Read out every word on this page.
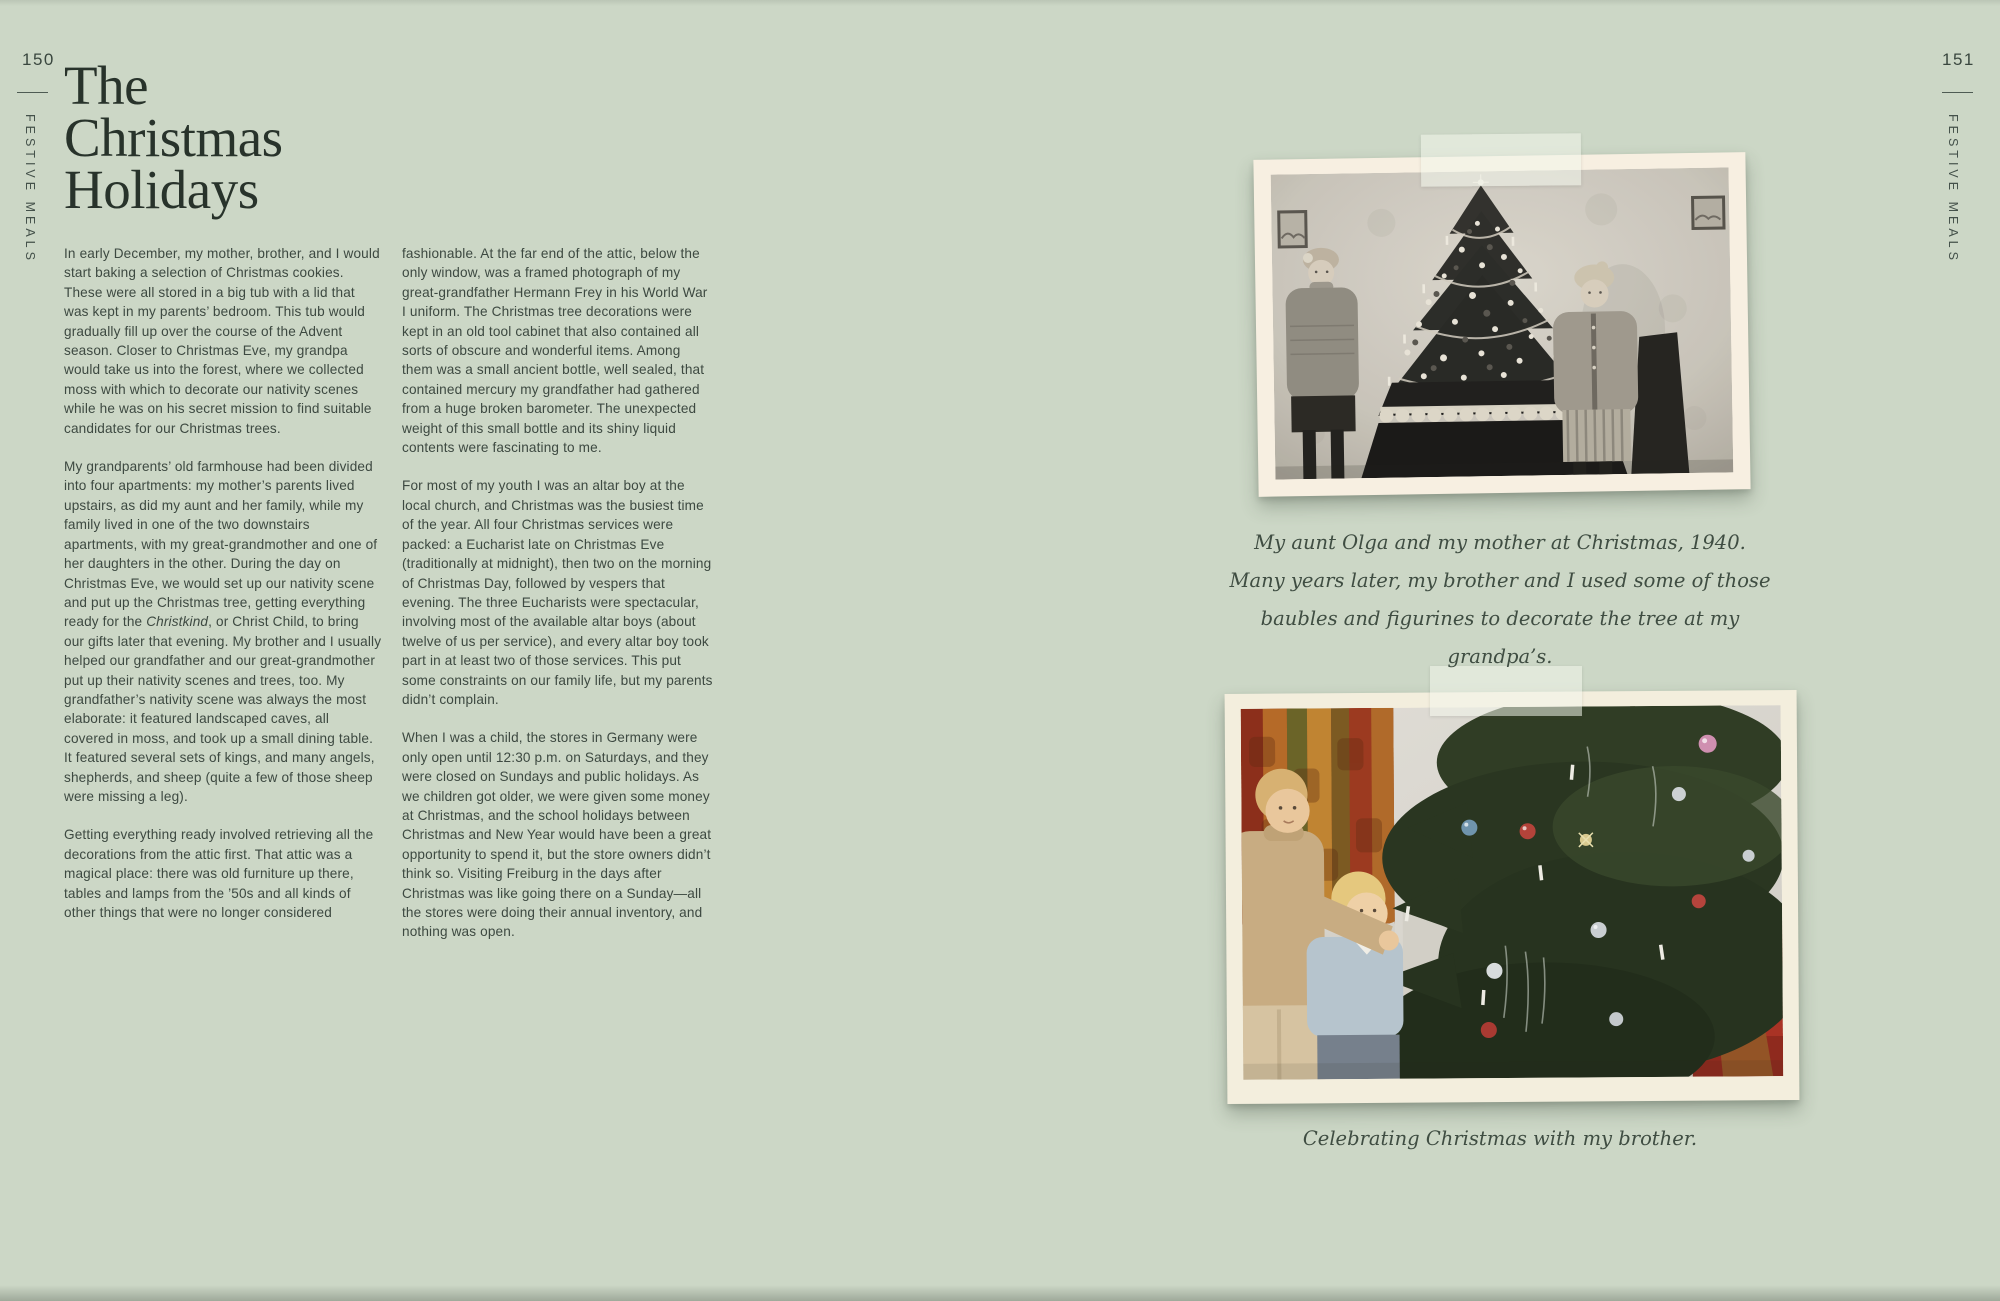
150
FESTIVE MEALS
The
Christmas
Holidays

In early December, my mother, brother, and I would start baking a selection of Christmas cookies. These were all stored in a big tub with a lid that was kept in my parents’ bedroom. This tub would gradually fill up over the course of the Advent season. Closer to Christmas Eve, my grandpa would take us into the forest, where we collected moss with which to decorate our nativity scenes while he was on his secret mission to find suitable candidates for our Christmas trees.

My grandparents’ old farmhouse had been divided into four apartments: my mother’s parents lived upstairs, as did my aunt and her family, while my family lived in one of the two downstairs apartments, with my great-grandmother and one of her daughters in the other. During the day on Christmas Eve, we would set up our nativity scene and put up the Christmas tree, getting everything ready for the Christkind, or Christ Child, to bring our gifts later that evening. My brother and I usually helped our grandfather and our great-grandmother put up their nativity scenes and trees, too. My grandfather’s nativity scene was always the most elaborate: it featured landscaped caves, all covered in moss, and took up a small dining table. It featured several sets of kings, and many angels, shepherds, and sheep (quite a few of those sheep were missing a leg).

Getting everything ready involved retrieving all the decorations from the attic first. That attic was a magical place: there was old furniture up there, tables and lamps from the ’50s and all kinds of other things that were no longer considered

fashionable. At the far end of the attic, below the only window, was a framed photograph of my great-grandfather Hermann Frey in his World War I uniform. The Christmas tree decorations were kept in an old tool cabinet that also contained all sorts of obscure and wonderful items. Among them was a small ancient bottle, well sealed, that contained mercury my grandfather had gathered from a huge broken barometer. The unexpected weight of this small bottle and its shiny liquid contents were fascinating to me.

For most of my youth I was an altar boy at the local church, and Christmas was the busiest time of the year. All four Christmas services were packed: a Eucharist late on Christmas Eve (traditionally at midnight), then two on the morning of Christmas Day, followed by vespers that evening. The three Eucharists were spectacular, involving most of the available altar boys (about twelve of us per service), and every altar boy took part in at least two of those services. This put some constraints on our family life, but my parents didn’t complain.

When I was a child, the stores in Germany were only open until 12:30 p.m. on Saturdays, and they were closed on Sundays and public holidays. As we children got older, we were given some money at Christmas, and the school holidays between Christmas and New Year would have been a great opportunity to spend it, but the store owners didn’t think so. Visiting Freiburg in the days after Christmas was like going there on a Sunday—all the stores were doing their annual inventory, and nothing was open.

151
FESTIVE MEALS
My aunt Olga and my mother at Christmas, 1940.
Many years later, my brother and I used some of those
baubles and figurines to decorate the tree at my grandpa’s.
Celebrating Christmas with my brother.
